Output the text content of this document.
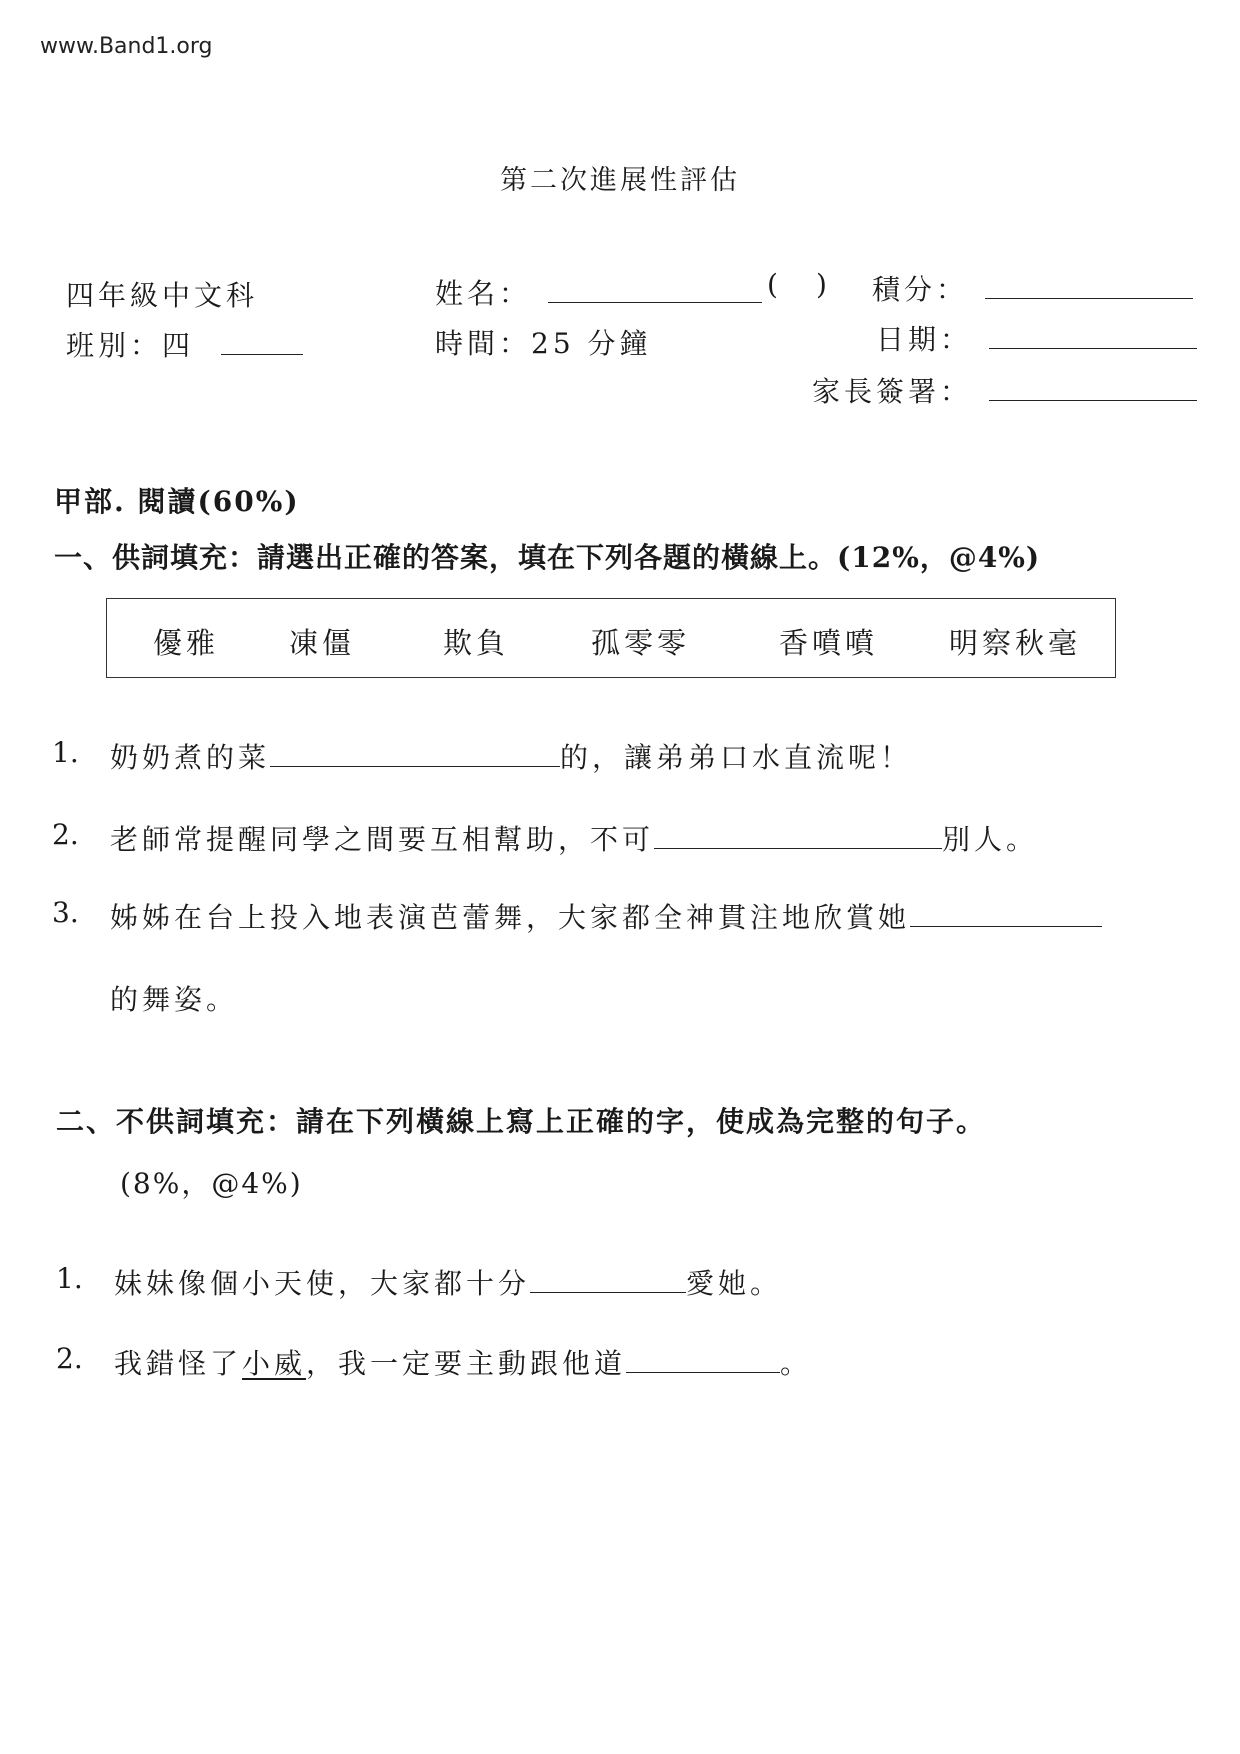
www.Band1.org
第二次進展性評估
四年級中文科
班別：四
姓名：	( )
時間：25 分鐘
積分：
日期：
家長簽署：
甲部. 閱讀(60%)
一、供詞填充：請選出正確的答案，填在下列各題的橫線上。(12%，@4%)
優雅 凍僵	欺負	孤零零	香噴噴 明察秋毫
1. 奶奶煮的菜	的，讓弟弟口水直流呢！
2. 老師常提醒同學之間要互相幫助，不可	別人。
3. 姊姊在台上投入地表演芭蕾舞，大家都全神貫注地欣賞她
的舞姿。
二、不供詞填充：請在下列橫線上寫上正確的字，使成為完整的句子。
(8%，@4%)
1. 妹妹像個小天使，大家都十分	愛她。
2. 我錯怪了小威，我一定要主動跟他道	。
